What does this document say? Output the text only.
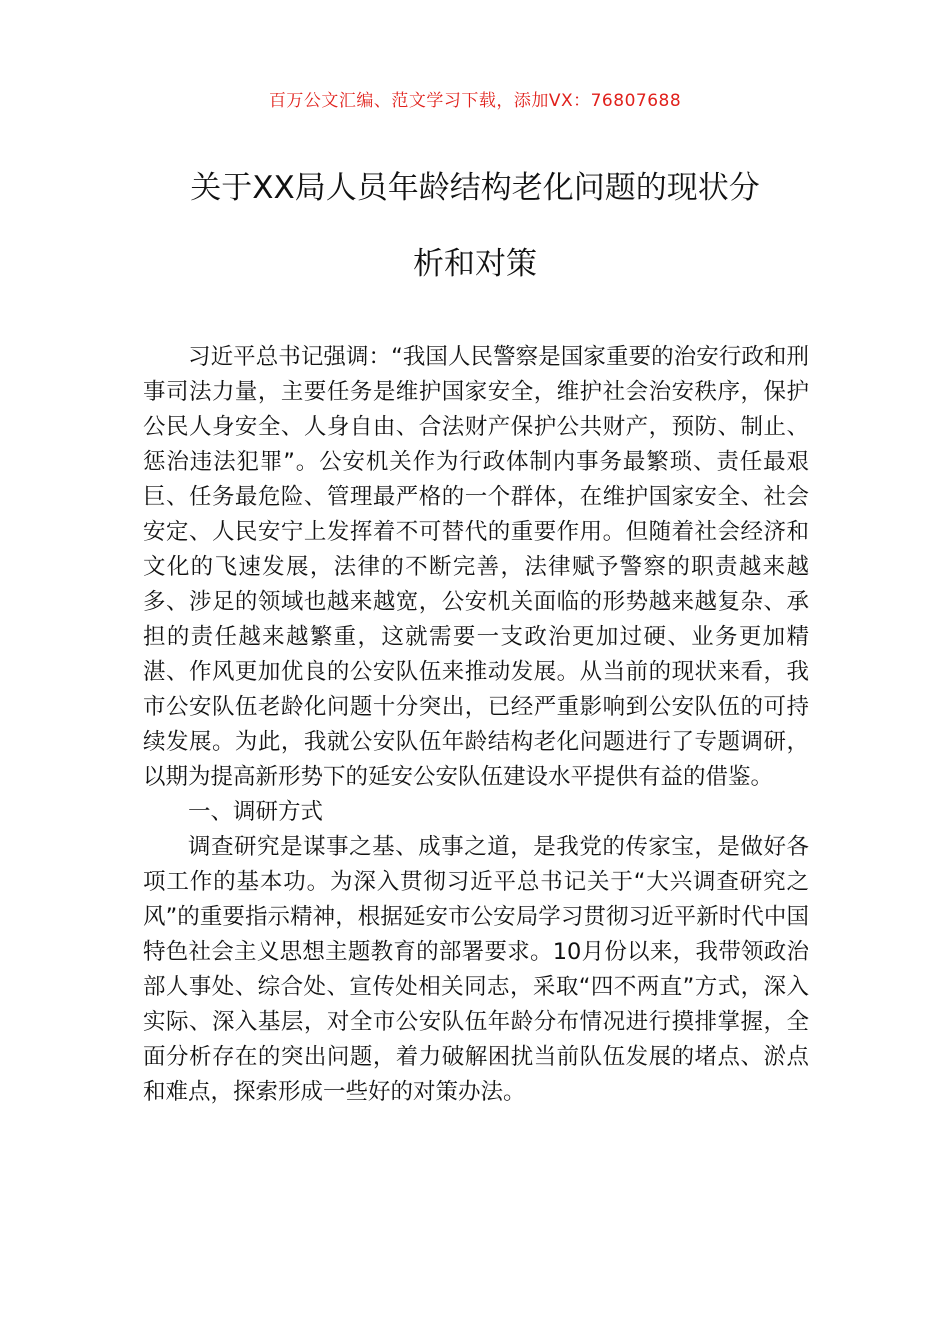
百万公文汇编、范文学习下载，添加VX：76807688
关于XX局人员年龄结构老化问题的现状分
析和对策

习近平总书记强调：“我国人民警察是国家重要的治安行政和刑事司法力量，主要任务是维护国家安全，维护社会治安秩序，保护公民人身安全、人身自由、合法财产保护公共财产，预防、制止、惩治违法犯罪”。公安机关作为行政体制内事务最繁琐、责任最艰巨、任务最危险、管理最严格的一个群体，在维护国家安全、社会安定、人民安宁上发挥着不可替代的重要作用。但随着社会经济和文化的飞速发展，法律的不断完善，法律赋予警察的职责越来越多、涉足的领域也越来越宽，公安机关面临的形势越来越复杂、承担的责任越来越繁重，这就需要一支政治更加过硬、业务更加精湛、作风更加优良的公安队伍来推动发展。从当前的现状来看，我市公安队伍老龄化问题十分突出，已经严重影响到公安队伍的可持续发展。为此，我就公安队伍年龄结构老化问题进行了专题调研，以期为提高新形势下的延安公安队伍建设水平提供有益的借鉴。

一、调研方式

调查研究是谋事之基、成事之道，是我党的传家宝，是做好各项工作的基本功。为深入贯彻习近平总书记关于“大兴调查研究之风”的重要指示精神，根据延安市公安局学习贯彻习近平新时代中国特色社会主义思想主题教育的部署要求。10月份以来，我带领政治部人事处、综合处、宣传处相关同志，采取“四不两直”方式，深入实际、深入基层，对全市公安队伍年龄分布情况进行摸排掌握，全面分析存在的突出问题，着力破解困扰当前队伍发展的堵点、淤点和难点，探索形成一些好的对策办法。
